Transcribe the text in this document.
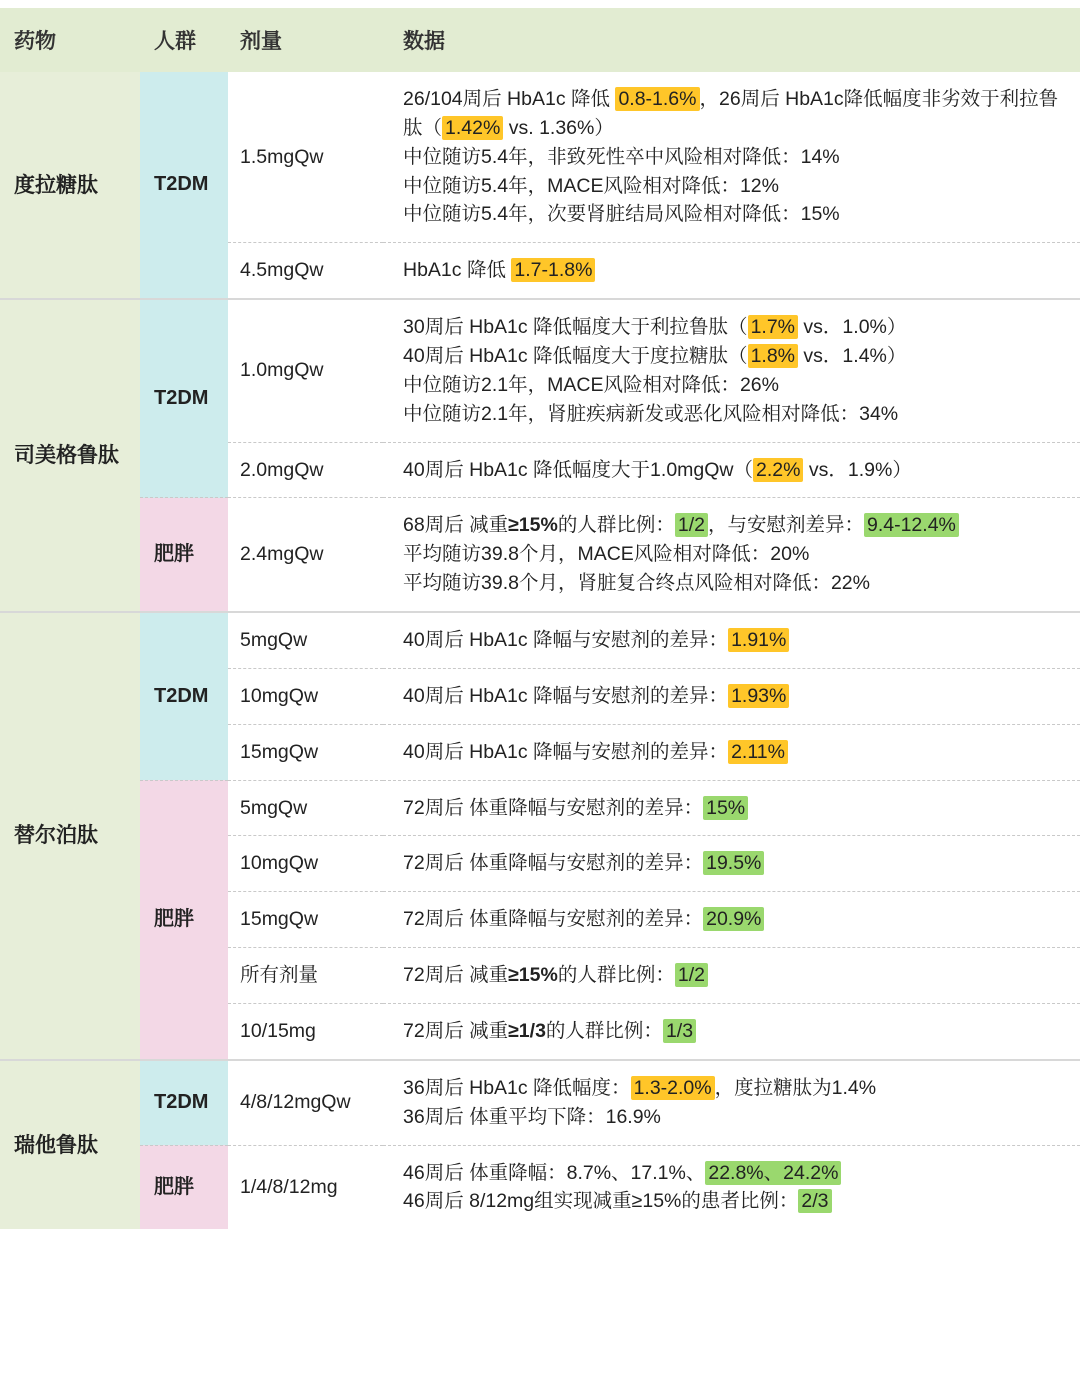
药物	人群	剂量	数据
度拉糖肽	T2DM	1.5mgQw	26/104周后 HbA1c 降低 0.8-1.6% ，26周后 HbA1c降低幅度非劣效于利拉鲁肽（ 1.42% vs. 1.36%）
中位随访5.4年，非致死性卒中风险相对降低：14%
中位随访5.4年，MACE风险相对降低：12%
中位随访5.4年，次要肾脏结局风险相对降低：15%

		4.5mgQw	HbA1c 降低 1.7-1.8%

司美格鲁肽	T2DM	1.0mgQw	30周后 HbA1c 降低幅度大于利拉鲁肽（ 1.7% vs．1.0%）
40周后 HbA1c 降低幅度大于度拉糖肽（ 1.8% vs．1.4%）
中位随访2.1年，MACE风险相对降低：26%
中位随访2.1年，肾脏疾病新发或恶化风险相对降低：34%

		2.0mgQw	40周后 HbA1c 降低幅度大于1.0mgQw（ 2.2% vs．1.9%）

	肥胖	2.4mgQw	68周后 减重≥15%的人群比例： 1/2 ，与安慰剂差异： 9.4-12.4%
平均随访39.8个月，MACE风险相对降低：20%
平均随访39.8个月，肾脏复合终点风险相对降低：22%

替尔泊肽	T2DM	5mgQw	40周后 HbA1c 降幅与安慰剂的差异： 1.91%

		10mgQw	40周后 HbA1c 降幅与安慰剂的差异： 1.93%

		15mgQw	40周后 HbA1c 降幅与安慰剂的差异： 2.11%

	肥胖	5mgQw	72周后 体重降幅与安慰剂的差异： 15%

		10mgQw	72周后 体重降幅与安慰剂的差异： 19.5%

		15mgQw	72周后 体重降幅与安慰剂的差异： 20.9%

		所有剂量	72周后 减重≥15%的人群比例： 1/2

		10/15mg	72周后 减重≥1/3的人群比例： 1/3

瑞他鲁肽	T2DM	4/8/12mgQw	36周后 HbA1c 降低幅度： 1.3-2.0% ，度拉糖肽为1.4%
36周后 体重平均下降：16.9%

	肥胖	1/4/8/12mg	46周后 体重降幅：8.7%、17.1%、 22.8%、24.2%
46周后 8/12mg组实现减重≥15%的患者比例： 2/3
